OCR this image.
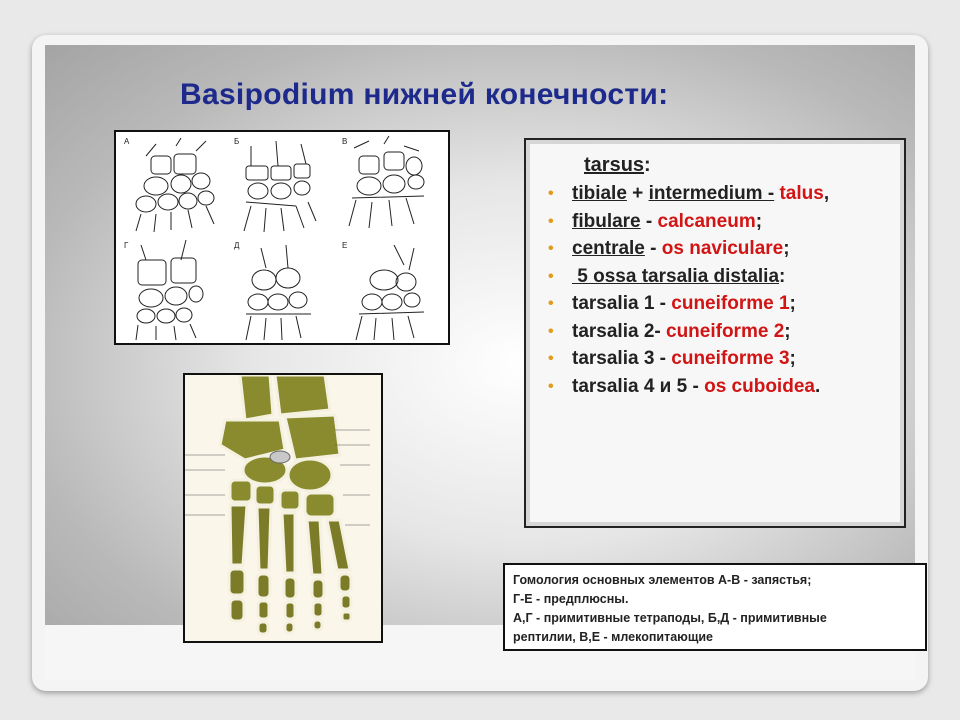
Basipodium нижней конечности:
А	Б	В
Г	Д	Е
tarsus:
• tibiale + intermedium - talus,
• fibulare - calcaneum;
• centrale - os naviculare;
• 5 ossa tarsalia distalia:
• tarsalia 1 - cuneiforme 1;
• tarsalia 2- cuneiforme 2;
• tarsalia 3 - cuneiforme 3;
• tarsalia 4 и 5 - os cuboidea.

Гомология основных элементов А-В - запястья;

Г-Е - предплюсны.

А,Г - примитивные тетраподы, Б,Д - примитивные

рептилии, В,Е - млекопитающие
